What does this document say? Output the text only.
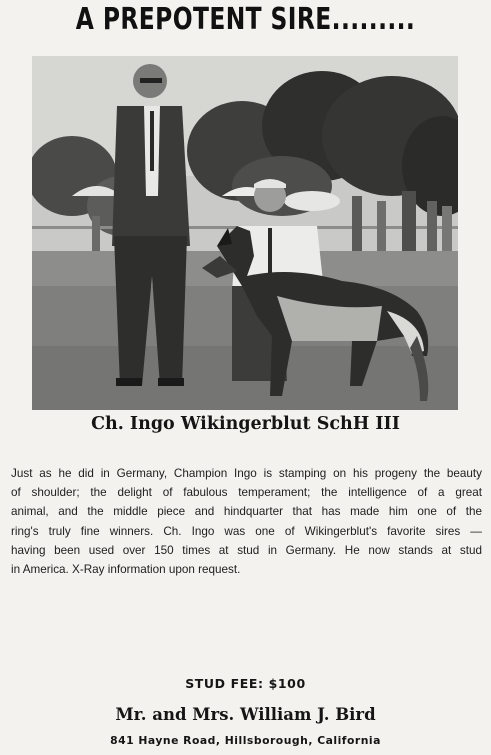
A PREPOTENT SIRE.........
Ch. Ingo Wikingerblut SchH III
Just as he did in Germany, Champion Ingo is stamping on his progeny the beauty
of shoulder; the delight of fabulous temperament; the intelligence of a great
animal, and the middle piece and hindquarter that has made him one of the
ring's truly fine winners. Ch. Ingo was one of Wikingerblut's favorite sires —
having been used over 150 times at stud in Germany. He now stands at stud
in America. X-Ray information upon request.
STUD FEE: $100
Mr. and Mrs. William J. Bird
841 Hayne Road, Hillsborough, California
